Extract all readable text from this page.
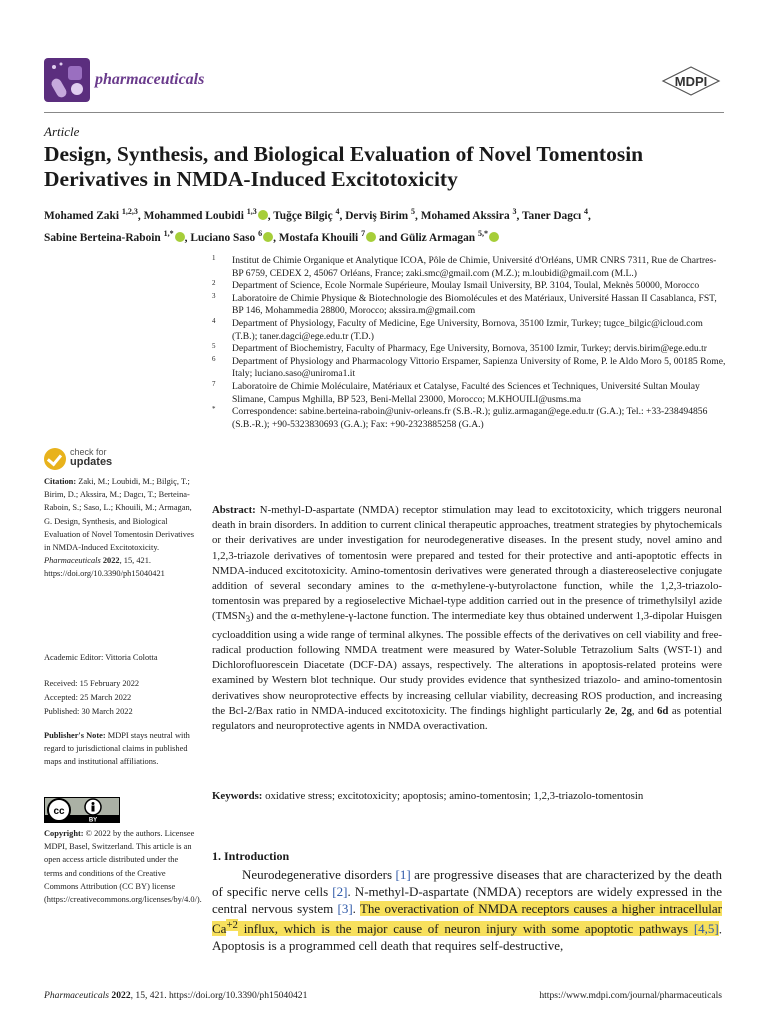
pharmaceuticals	MDPI
Article
Design, Synthesis, and Biological Evaluation of Novel Tomentosin Derivatives in NMDA-Induced Excitotoxicity
Mohamed Zaki $^{1,2,3}$, Mohammed Loubidi $^{1,3}$ , Tuğçe Bilgiç $^4$, Derviş Birim $^5$, Mohamed Akssira $^3$, Taner Dagcı $^4$,
Sabine Berteina-Raboin $^{1,*}$ , Luciano Saso $^6$ , Mostafa Khouili $^7$ and Güliz Armagan $^{5,*}$
1 Institut de Chimie Organique et Analytique ICOA, Pôle de Chimie, Université d'Orléans, UMR CNRS 7311, Rue de Chartres-BP 6759, CEDEX 2, 45067 Orléans, France; zaki.smc@gmail.com (M.Z.); m.loubidi@gmail.com (M.L.)
2 Department of Science, Ecole Normale Supérieure, Moulay Ismail University, BP. 3104, Toulal, Meknès 50000, Morocco
3 Laboratoire de Chimie Physique & Biotechnologie des Biomolécules et des Matériaux, Université Hassan II Casablanca, FST, BP 146, Mohammedia 28800, Morocco; akssira.m@gmail.com
4 Department of Physiology, Faculty of Medicine, Ege University, Bornova, 35100 Izmir, Turkey; tugce_bilgic@icloud.com (T.B.); taner.dagci@ege.edu.tr (T.D.)
5 Department of Biochemistry, Faculty of Pharmacy, Ege University, Bornova, 35100 Izmir, Turkey; dervis.birim@ege.edu.tr
6 Department of Physiology and Pharmacology Vittorio Erspamer, Sapienza University of Rome, P. le Aldo Moro 5, 00185 Rome, Italy; luciano.saso@uniroma1.it
7 Laboratoire de Chimie Moléculaire, Matériaux et Catalyse, Faculté des Sciences et Techniques, Université Sultan Moulay Slimane, Campus Mghilla, BP 523, Beni-Mellal 23000, Morocco; M.KHOUILI@usms.ma
* Correspondence: sabine.berteina-raboin@univ-orleans.fr (S.B.-R.); guliz.armagan@ege.edu.tr (G.A.); Tel.: +33-238494856 (S.B.-R.); +90-5323830693 (G.A.); Fax: +90-2323885258 (G.A.)
check for
updates
Citation: Zaki, M.; Loubidi, M.; Bilgiç, T.; Birim, D.; Akssira, M.; Dagcı, T.; Berteina-Raboin, S.; Saso, L.; Khouili, M.; Armagan, G. Design, Synthesis, and Biological Evaluation of Novel Tomentosin Derivatives in NMDA-Induced Excitotoxicity. Pharmaceuticals 2022, 15, 421. https://doi.org/10.3390/ph15040421
Academic Editor: Vittoria Colotta
Received: 15 February 2022
Accepted: 25 March 2022
Published: 30 March 2022
Publisher's Note: MDPI stays neutral with regard to jurisdictional claims in published maps and institutional affiliations.
cc
BY
Copyright: © 2022 by the authors. Licensee MDPI, Basel, Switzerland. This article is an open access article distributed under the terms and conditions of the Creative Commons Attribution (CC BY) license (https://creativecommons.org/licenses/by/4.0/).
Abstract: N-methyl-D-aspartate (NMDA) receptor stimulation may lead to excitotoxicity, which triggers neuronal death in brain disorders. In addition to current clinical therapeutic approaches, treatment strategies by phytochemicals or their derivatives are under investigation for neurodegenerative diseases. In the present study, novel amino and 1,2,3-triazole derivatives of tomentosin were prepared and tested for their protective and anti-apoptotic effects in NMDA-induced excitotoxicity. Amino-tomentosin derivatives were generated through a diastereoselective conjugate addition of several secondary amines to the α-methylene-γ-butyrolactone function, while the 1,2,3-triazolo-tomentosin was prepared by a regioselective Michael-type addition carried out in the presence of trimethylsilyl azide $(TMSN_3)$ and the α-methylene-γ-lactone function. The intermediate key thus obtained underwent 1,3-dipolar Huisgen cycloaddition using a wide range of terminal alkynes. The possible effects of the derivatives on cell viability and free-radical production following NMDA treatment were measured by Water-Soluble Tetrazolium Salts (WST-1) and Dichlorofluorescein Diacetate (DCF-DA) assays, respectively. The alterations in apoptosis-related proteins were examined by Western blot technique. Our study provides evidence that synthesized triazolo- and amino-tomentosin derivatives show neuroprotective effects by increasing cellular viability, decreasing ROS production, and increasing the Bcl-2/Bax ratio in NMDA-induced excitotoxicity. The findings highlight particularly 2e, 2g, and 6d as potential regulators and neuroprotective agents in NMDA overactivation.
Keywords: oxidative stress; excitotoxicity; apoptosis; amino-tomentosin; 1,2,3-triazolo-tomentosin
1. Introduction
Neurodegenerative disorders [1] are progressive diseases that are characterized by the death of specific nerve cells [2]. N-methyl-D-aspartate (NMDA) receptors are widely expressed in the central nervous system [3]. The overactivation of NMDA receptors causes a higher intracellular $Ca^{+2}$ influx, which is the major cause of neuron injury with some apoptotic pathways [4,5]. Apoptosis is a programmed cell death that requires self-destructive,
Pharmaceuticals 2022, 15, 421. https://doi.org/10.3390/ph15040421	https://www.mdpi.com/journal/pharmaceuticals
